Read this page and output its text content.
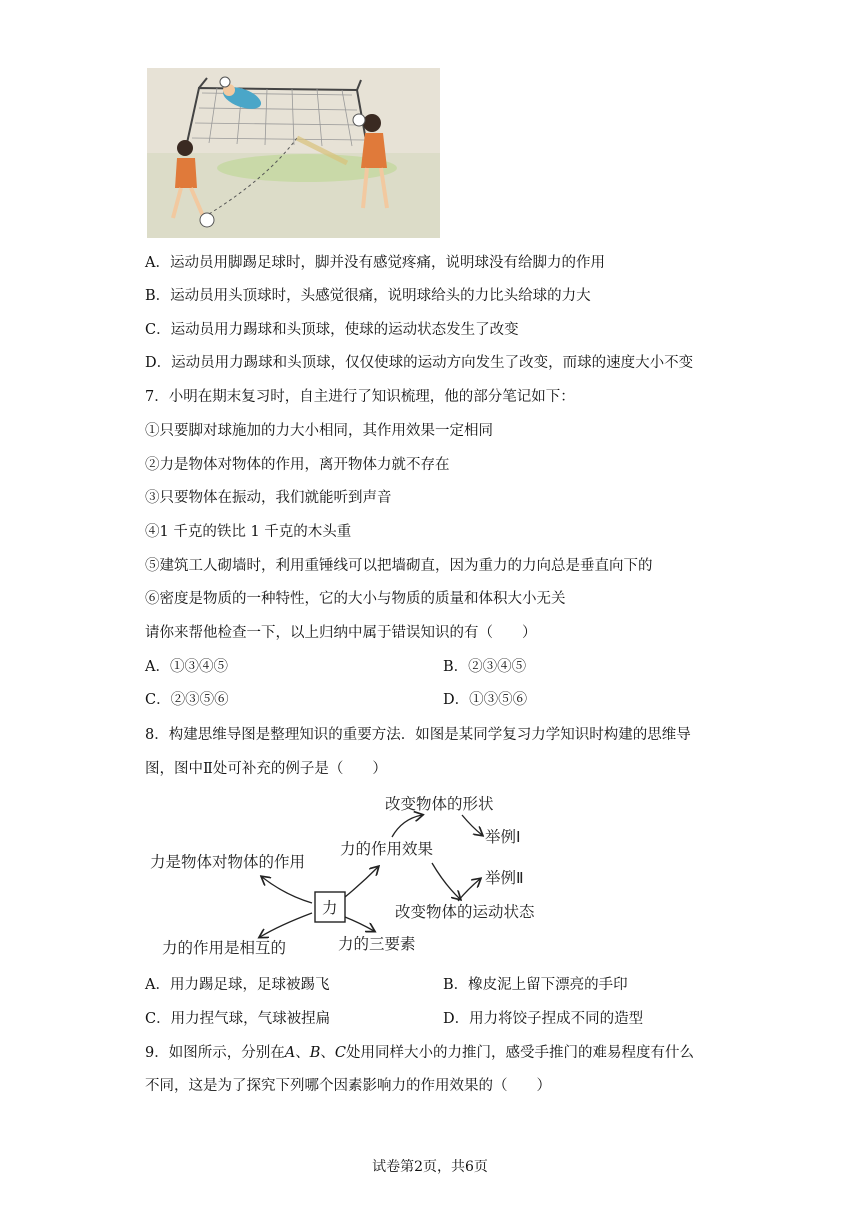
A．运动员用脚踢足球时，脚并没有感觉疼痛，说明球没有给脚力的作用
B．运动员用头顶球时，头感觉很痛，说明球给头的力比头给球的力大
C．运动员用力踢球和头顶球，使球的运动状态发生了改变
D．运动员用力踢球和头顶球，仅仅使球的运动方向发生了改变，而球的速度大小不变
7．小明在期末复习时，自主进行了知识梳理，他的部分笔记如下：
①只要脚对球施加的力大小相同，其作用效果一定相同
②力是物体对物体的作用，离开物体力就不存在
③只要物体在振动，我们就能听到声音
④1 千克的铁比 1 千克的木头重
⑤建筑工人砌墙时，利用重锤线可以把墙砌直，因为重力的力向总是垂直向下的
⑥密度是物质的一种特性，它的大小与物质的质量和体积大小无关
请你来帮他检查一下，以上归纳中属于错误知识的有（　　）
A．①③④⑤	B．②③④⑤
C．②③⑤⑥	D．①③⑤⑥
8．构建思维导图是整理知识的重要方法．如图是某同学复习力学知识时构建的思维导
图，图中Ⅱ处可补充的例子是（　　）
改变物体的形状
力的作用效果
举例Ⅰ
力是物体对物体的作用
举例Ⅱ
力	改变物体的运动状态
力的作用是相互的	力的三要素
A．用力踢足球，足球被踢飞	B．橡皮泥上留下漂亮的手印
C．用力捏气球，气球被捏扁	D．用力将饺子捏成不同的造型
9．如图所示，分别在A、B、C处用同样大小的力推门，感受手推门的难易程度有什么
不同，这是为了探究下列哪个因素影响力的作用效果的（　　）
试卷第2页，共6页
